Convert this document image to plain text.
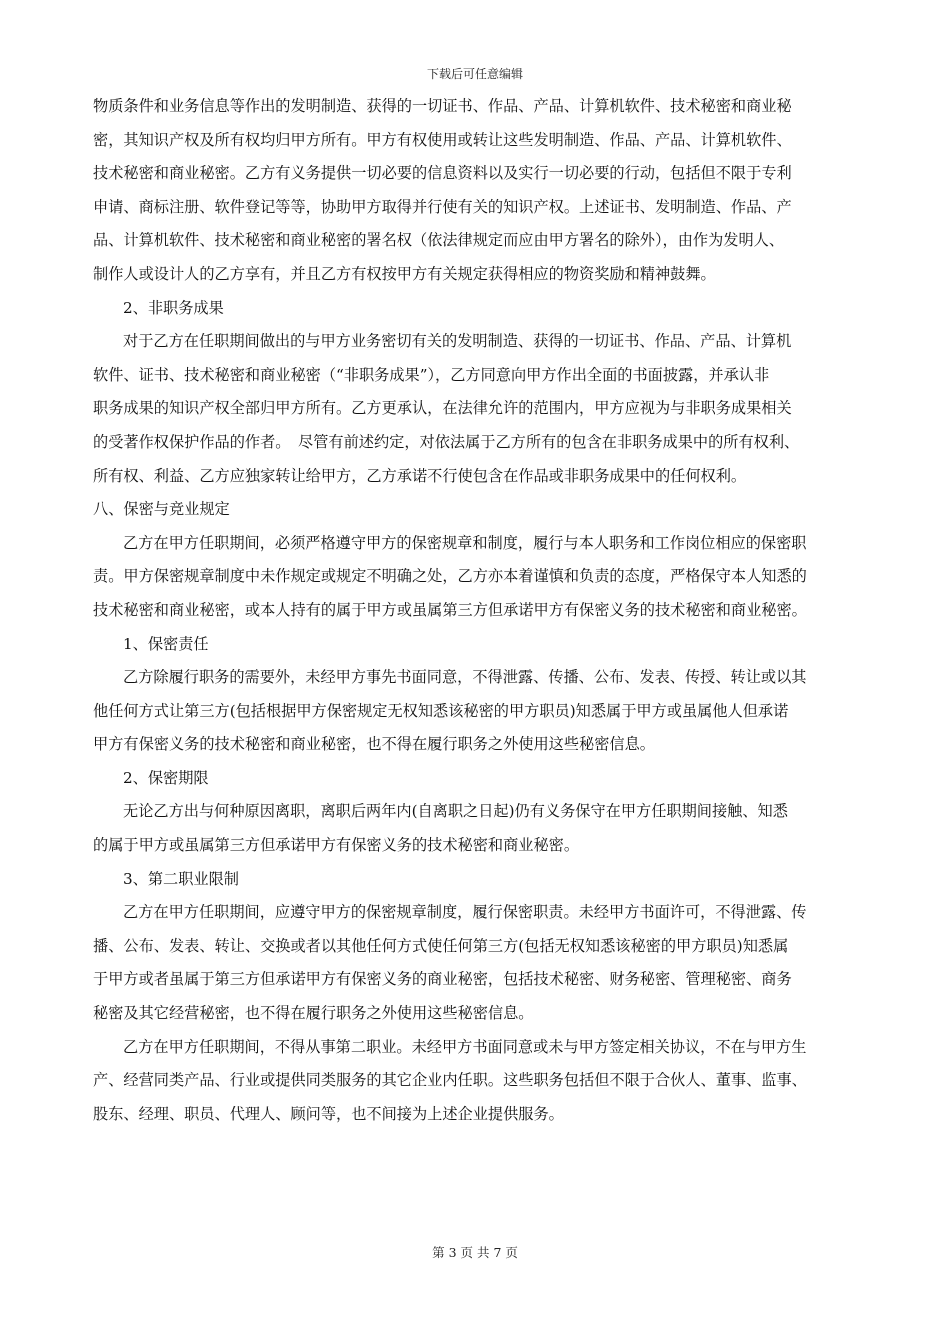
下载后可任意编辑
物质条件和业务信息等作出的发明制造、获得的一切证书、作品、产品、计算机软件、技术秘密和商业秘
密，其知识产权及所有权均归甲方所有。甲方有权使用或转让这些发明制造、作品、产品、计算机软件、
技术秘密和商业秘密。乙方有义务提供一切必要的信息资料以及实行一切必要的行动，包括但不限于专利
申请、商标注册、软件登记等等，协助甲方取得并行使有关的知识产权。上述证书、发明制造、作品、产
品、计算机软件、技术秘密和商业秘密的署名权（依法律规定而应由甲方署名的除外），由作为发明人、
制作人或设计人的乙方享有，并且乙方有权按甲方有关规定获得相应的物资奖励和精神鼓舞。
2、非职务成果
对于乙方在任职期间做出的与甲方业务密切有关的发明制造、获得的一切证书、作品、产品、计算机
软件、证书、技术秘密和商业秘密（“非职务成果”），乙方同意向甲方作出全面的书面披露，并承认非
职务成果的知识产权全部归甲方所有。乙方更承认，在法律允许的范围内，甲方应视为与非职务成果相关
的受著作权保护作品的作者。　尽管有前述约定，对依法属于乙方所有的包含在非职务成果中的所有权利、
所有权、利益、乙方应独家转让给甲方，乙方承诺不行使包含在作品或非职务成果中的任何权利。
八、保密与竞业规定
乙方在甲方任职期间，必须严格遵守甲方的保密规章和制度，履行与本人职务和工作岗位相应的保密职
责。甲方保密规章制度中未作规定或规定不明确之处，乙方亦本着谨慎和负责的态度，严格保守本人知悉的
技术秘密和商业秘密，或本人持有的属于甲方或虽属第三方但承诺甲方有保密义务的技术秘密和商业秘密。
1、保密责任
乙方除履行职务的需要外，未经甲方事先书面同意，不得泄露、传播、公布、发表、传授、转让或以其
他任何方式让第三方(包括根据甲方保密规定无权知悉该秘密的甲方职员)知悉属于甲方或虽属他人但承诺
甲方有保密义务的技术秘密和商业秘密，也不得在履行职务之外使用这些秘密信息。
2、保密期限
无论乙方出与何种原因离职，离职后两年内(自离职之日起)仍有义务保守在甲方任职期间接触、知悉
的属于甲方或虽属第三方但承诺甲方有保密义务的技术秘密和商业秘密。
3、第二职业限制
乙方在甲方任职期间，应遵守甲方的保密规章制度，履行保密职责。未经甲方书面许可，不得泄露、传
播、公布、发表、转让、交换或者以其他任何方式使任何第三方(包括无权知悉该秘密的甲方职员)知悉属
于甲方或者虽属于第三方但承诺甲方有保密义务的商业秘密，包括技术秘密、财务秘密、管理秘密、商务
秘密及其它经营秘密，也不得在履行职务之外使用这些秘密信息。
乙方在甲方任职期间，不得从事第二职业。未经甲方书面同意或未与甲方签定相关协议，不在与甲方生
产、经营同类产品、行业或提供同类服务的其它企业内任职。这些职务包括但不限于合伙人、董事、监事、
股东、经理、职员、代理人、顾问等，也不间接为上述企业提供服务。
第 3 页 共 7 页
